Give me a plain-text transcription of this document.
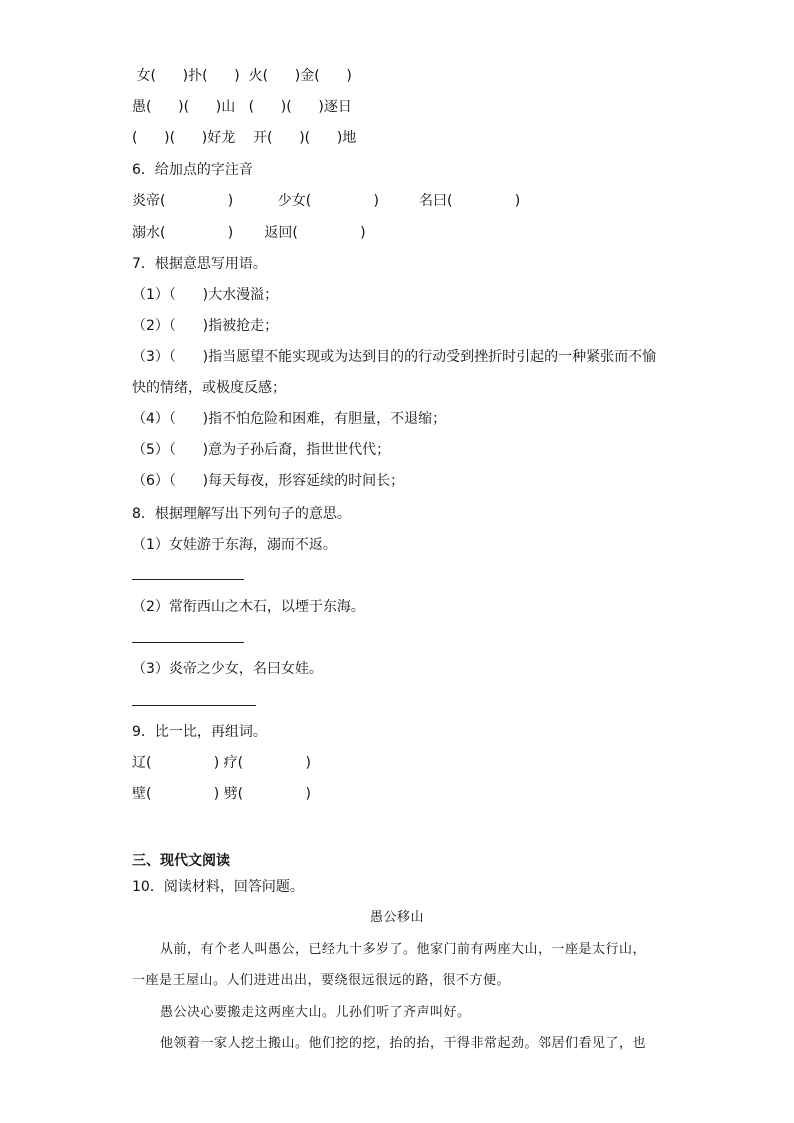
女(      )扑(      )  火(      )金(      )
愚(      )(      )山   (      )(      )逐日
(      )(      )好龙    开(      )(      )地
6．给加点的字注音
炎帝(              )          少女(              )         名曰(              )
溺水(              )       返回(              )
7．根据意思写用语。
（1）（      )大水漫溢；
（2）（      )指被抢走；
（3）（      )指当愿望不能实现或为达到目的的行动受到挫折时引起的一种紧张而不愉
快的情绪，或极度反感；
（4）（      )指不怕危险和困难，有胆量，不退缩；
（5）（      )意为子孙后裔，指世世代代；
（6）（      )每天每夜，形容延续的时间长；
8．根据理解写出下列句子的意思。
（1）女娃游于东海，溺而不返。
（2）常衔西山之木石，以堙于东海。
（3）炎帝之少女，名曰女娃。
9．比一比，再组词。
辽(              ) 疗(              )
壁(              ) 劈(              )
三、现代文阅读
10．阅读材料，回答问题。
愚公移山
从前，有个老人叫愚公，已经九十多岁了。他家门前有两座大山，一座是太行山，
一座是王屋山。人们进进出出，要绕很远很远的路，很不方便。
愚公决心要搬走这两座大山。儿孙们听了齐声叫好。
他领着一家人挖土搬山。他们挖的挖，抬的抬，干得非常起劲。邻居们看见了，也
